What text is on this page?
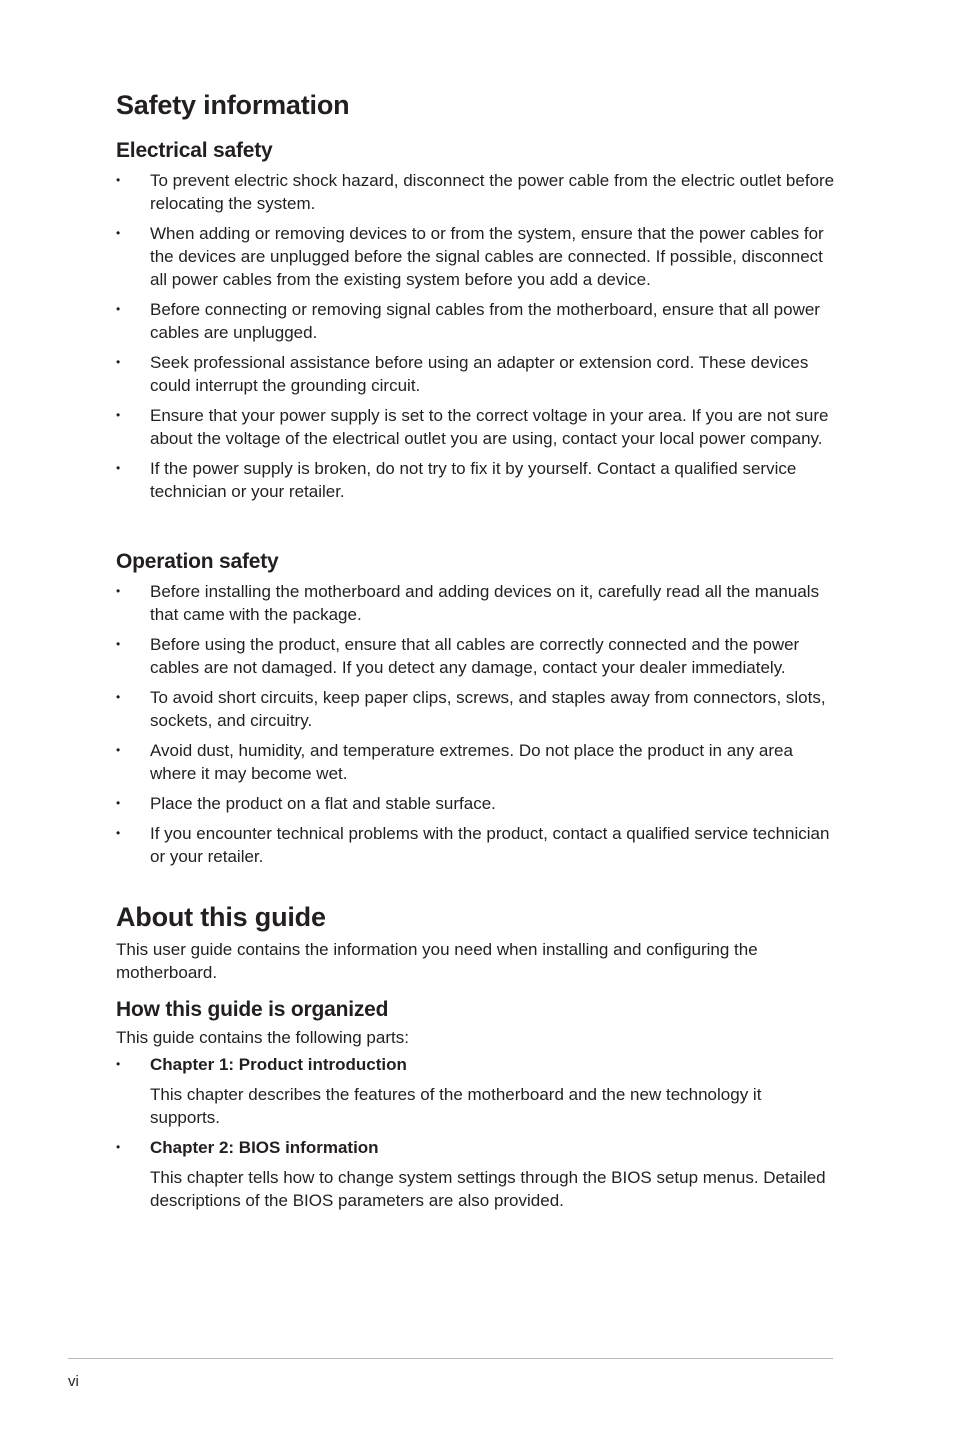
Safety information
Electrical safety
•	To prevent electric shock hazard, disconnect the power cable from the electric outlet before relocating the system.
•	When adding or removing devices to or from the system, ensure that the power cables for the devices are unplugged before the signal cables are connected. If possible, disconnect all power cables from the existing system before you add a device.
•	Before connecting or removing signal cables from the motherboard, ensure that all power cables are unplugged.
•	Seek professional assistance before using an adapter or extension cord. These devices could interrupt the grounding circuit.
•	Ensure that your power supply is set to the correct voltage in your area. If you are not sure about the voltage of the electrical outlet you are using, contact your local power company.
•	If the power supply is broken, do not try to fix it by yourself. Contact a qualified service technician or your retailer.
Operation safety
•	Before installing the motherboard and adding devices on it, carefully read all the manuals that came with the package.
•	Before using the product, ensure that all cables are correctly connected and the power cables are not damaged. If you detect any damage, contact your dealer immediately.
•	To avoid short circuits, keep paper clips, screws, and staples away from connectors, slots, sockets, and circuitry.
•	Avoid dust, humidity, and temperature extremes. Do not place the product in any area where it may become wet.
•	Place the product on a flat and stable surface.
•	If you encounter technical problems with the product, contact a qualified service technician or your retailer.
About this guide

This user guide contains the information you need when installing and configuring the motherboard.

How this guide is organized

This guide contains the following parts:

•	Chapter 1: Product introduction
This chapter describes the features of the motherboard and the new technology it supports.
•	Chapter 2: BIOS information
This chapter tells how to change system settings through the BIOS setup menus. Detailed descriptions of the BIOS parameters are also provided.
vi
